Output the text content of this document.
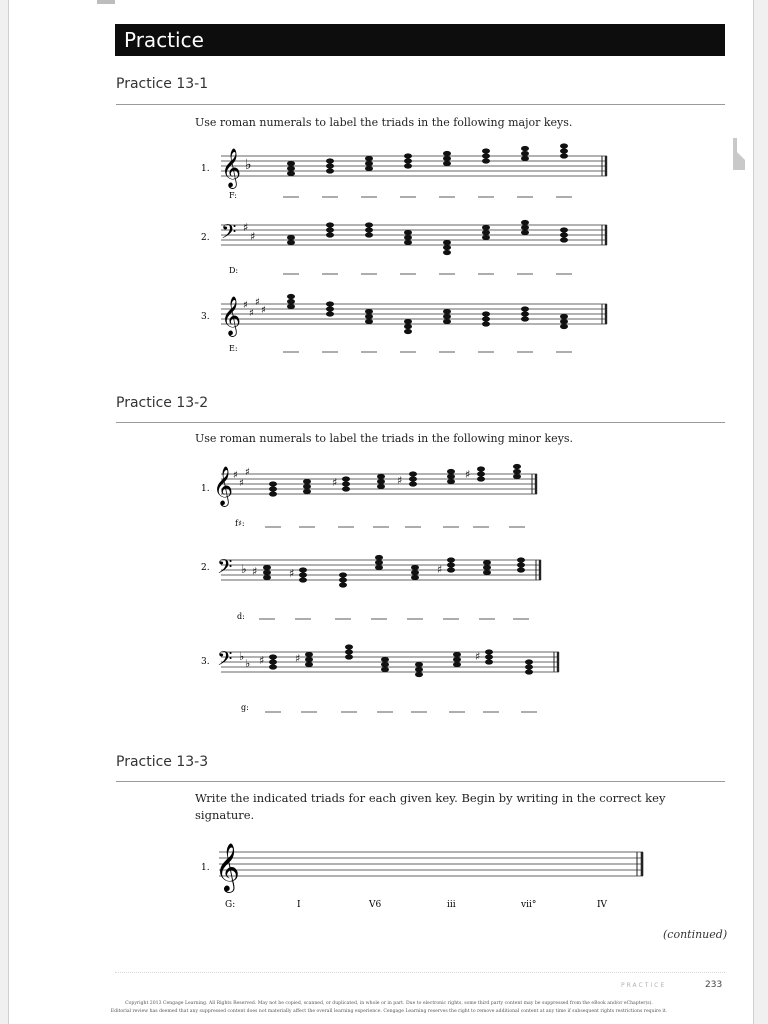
Practice
Practice 13-1

Use roman numerals to label the triads in the following major keys.

1. 𝄞 ♭
F:
2. 𝄢 ♯
♯
D:
3. 𝄞 ♯
♯
♯
♯
E:
Practice 13-2

Use roman numerals to label the triads in the following minor keys.

1. 𝄞 ♯
♯
♯
♯	♯	♯
f♯:
2. 𝄢 ♭ ♯	♯	♯
d:
3. 𝄢 ♭
♭ ♯	♯	♯
g:
Practice 13-3

Write the indicated triads for each given key. Begin by writing in the correct key signature.

1. 𝄞
G:	I	V6	iii	vii°	IV
(continued)
PRACTICE	233
Copyright 2013 Cengage Learning. All Rights Reserved. May not be copied, scanned, or duplicated, in whole or in part. Due to electronic rights, some third party content may be suppressed from the eBook and/or eChapter(s).
Editorial review has deemed that any suppressed content does not materially affect the overall learning experience. Cengage Learning reserves the right to remove additional content at any time if subsequent rights restrictions require it.
